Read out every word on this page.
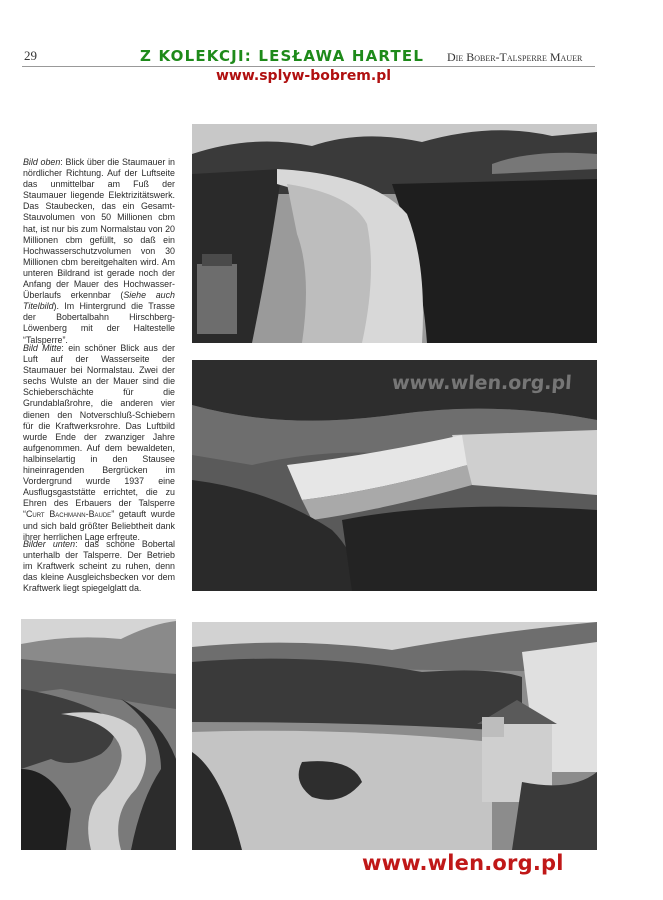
29	Z KOLEKCJI: LESŁAWA HARTEL
www.splyw-bobrem.pl
Die Bober-Talsperre Mauer
Bild oben: Blick über die Staumauer in nördlicher Richtung. Auf der Luftseite das unmittelbar am Fuß der Staumauer liegende Elektrizitätswerk. Das Staubecken, das ein Gesamt-Stauvolumen von 50 Millionen cbm hat, ist nur bis zum Normalstau von 20 Millionen cbm gefüllt, so daß ein Hochwasserschutzvolumen von 30 Millionen cbm bereitgehalten wird. Am unteren Bildrand ist gerade noch der Anfang der Mauer des Hochwasser-Überlaufs erkennbar (Siehe auch Titelbild). Im Hintergrund die Trasse der Bobertalbahn Hirschberg-Löwenberg mit der Haltestelle “Talsperre”.
Bild Mitte: ein schöner Blick aus der Luft auf der Wasserseite der Staumauer bei Normalstau. Zwei der sechs Wulste an der Mauer sind die Schieberschächte für die Grundablaßrohre, die anderen vier dienen den Notverschluß-Schiebern für die Kraftwerksrohre. Das Luftbild wurde Ende der zwanziger Jahre aufgenommen. Auf dem bewaldeten, halbinselartig in den Stausee hineinragenden Bergrücken im Vordergrund wurde 1937 eine Ausflugsgaststätte errichtet, die zu Ehren des Erbauers der Talsperre “Curt Bachmann-Baude” getauft wurde und sich bald größter Beliebtheit dank ihrer herrlichen Lage erfreute.
Bilder unten: das schöne Bobertal unterhalb der Talsperre. Der Betrieb im Kraftwerk scheint zu ruhen, denn das kleine Ausgleichsbecken vor dem Kraftwerk liegt spiegelglatt da.
www.wlen.org.pl
www.wlen.org.pl
